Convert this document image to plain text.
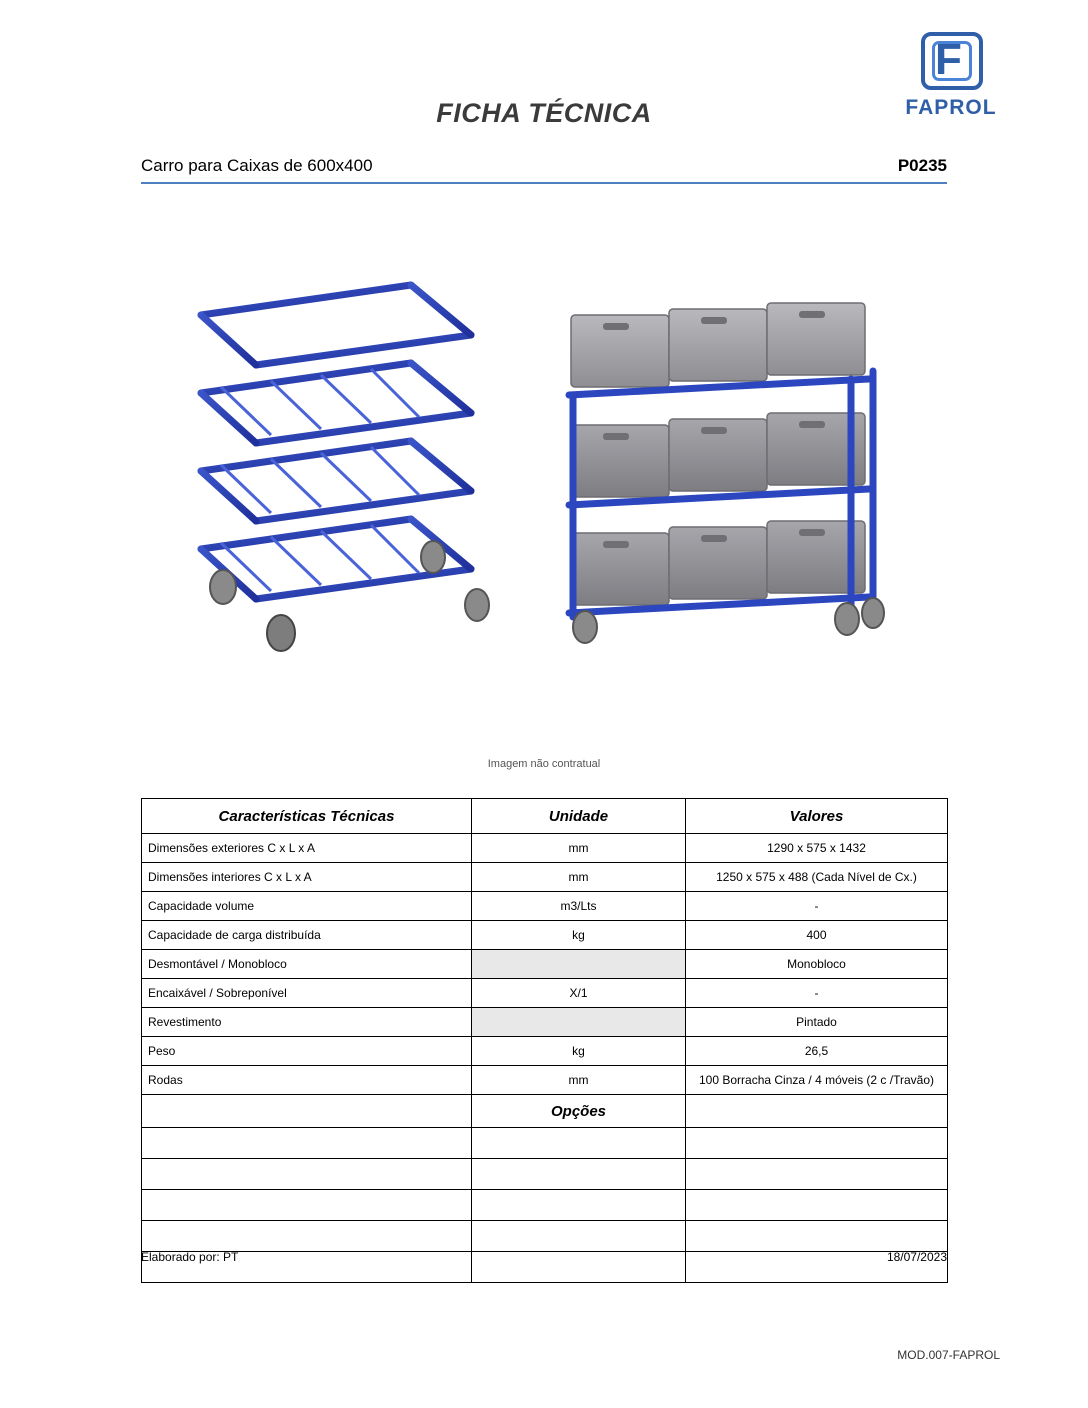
F
FAPROL
FICHA TÉCNICA
Carro para Caixas de 600x400	P0235
Imagem não contratual
Características Técnicas	Unidade	Valores
Dimensões exteriores C x L x A	mm	1290 x 575 x 1432
Dimensões interiores C x L x A	mm	1250 x 575 x 488 (Cada Nível de Cx.)
Capacidade volume	m3/Lts	-
Capacidade de carga distribuída	kg	400
Desmontável / Monobloco		Monobloco
Encaixável / Sobreponível	X/1	-
Revestimento		Pintado
Peso	kg	26,5
Rodas	mm	100 Borracha Cinza / 4 móveis (2 c /Travão)
	Opções	

Elaborado por: PT	18/07/2023
MOD.007-FAPROL
